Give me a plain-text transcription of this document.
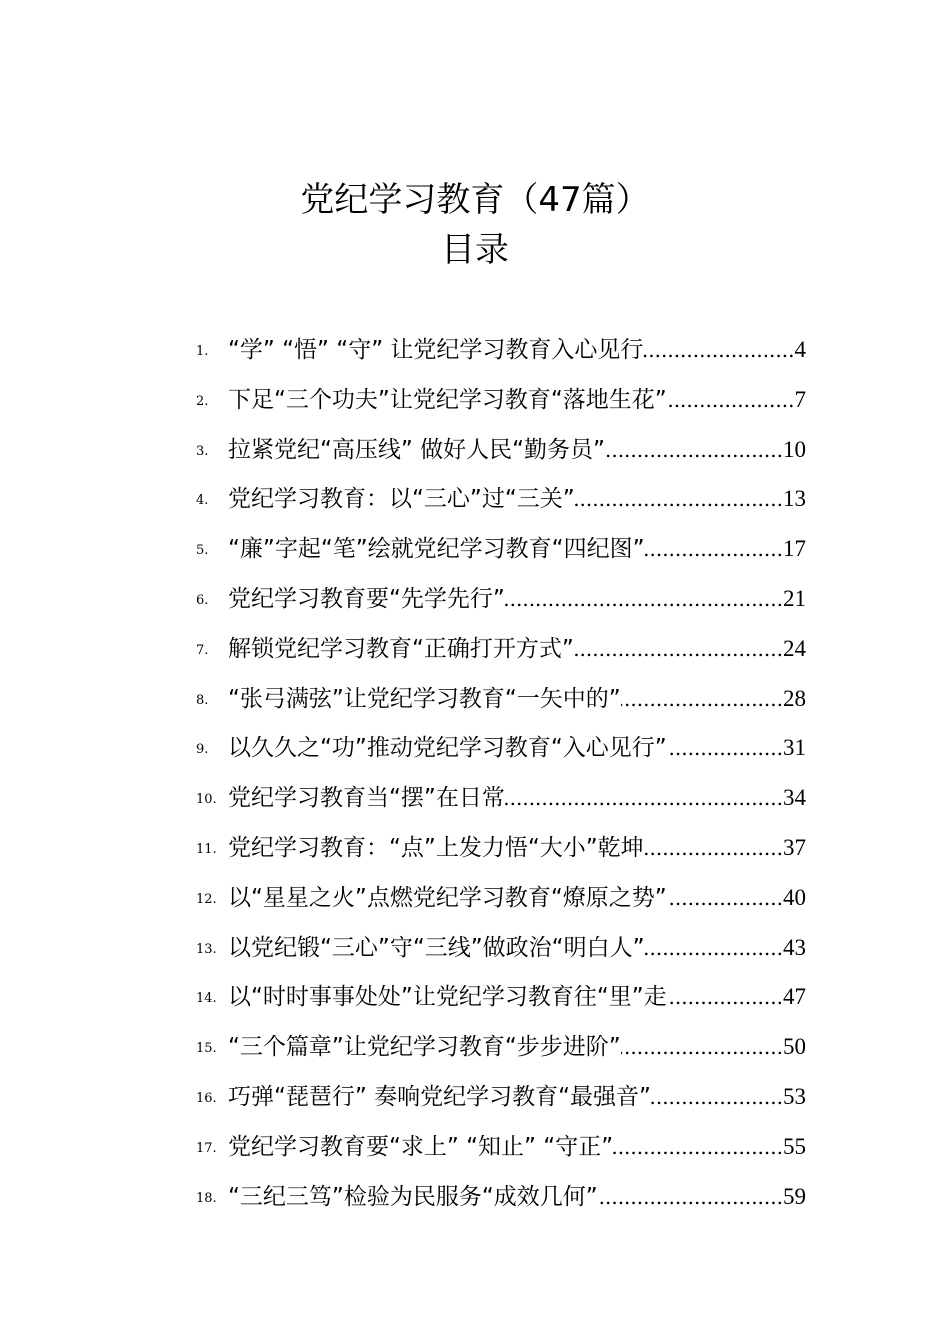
党纪学习教育（47篇）
目录
1. “学” “悟” “守” 让党纪学习教育入心见行 .....	4
2. 下足“三个功夫”让党纪学习教育“落地生花” .....	7
3. 拉紧党纪“高压线” 做好人民“勤务员” .....	10
4. 党纪学习教育：以“三心”过“三关” .....	13
5. “廉”字起“笔”绘就党纪学习教育“四纪图” .....	17
6. 党纪学习教育要“先学先行” .....	21
7. 解锁党纪学习教育“正确打开方式” .....	24
8. “张弓满弦”让党纪学习教育“一矢中的” .....	28
9. 以久久之“功”推动党纪学习教育“入心见行” .....	31
10. 党纪学习教育当“摆”在日常 .....	34
11. 党纪学习教育：“点”上发力悟“大小”乾坤 .....	37
12. 以“星星之火”点燃党纪学习教育“燎原之势” .....	40
13. 以党纪锻“三心”守“三线”做政治“明白人” .....	43
14. 以“时时事事处处”让党纪学习教育往“里”走 .....	47
15. “三个篇章”让党纪学习教育“步步进阶” .....	50
16. 巧弹“琵琶行” 奏响党纪学习教育“最强音” .....	53
17. 党纪学习教育要“求上” “知止” “守正” .....	55
18. “三纪三笃”检验为民服务“成效几何” .....	59
